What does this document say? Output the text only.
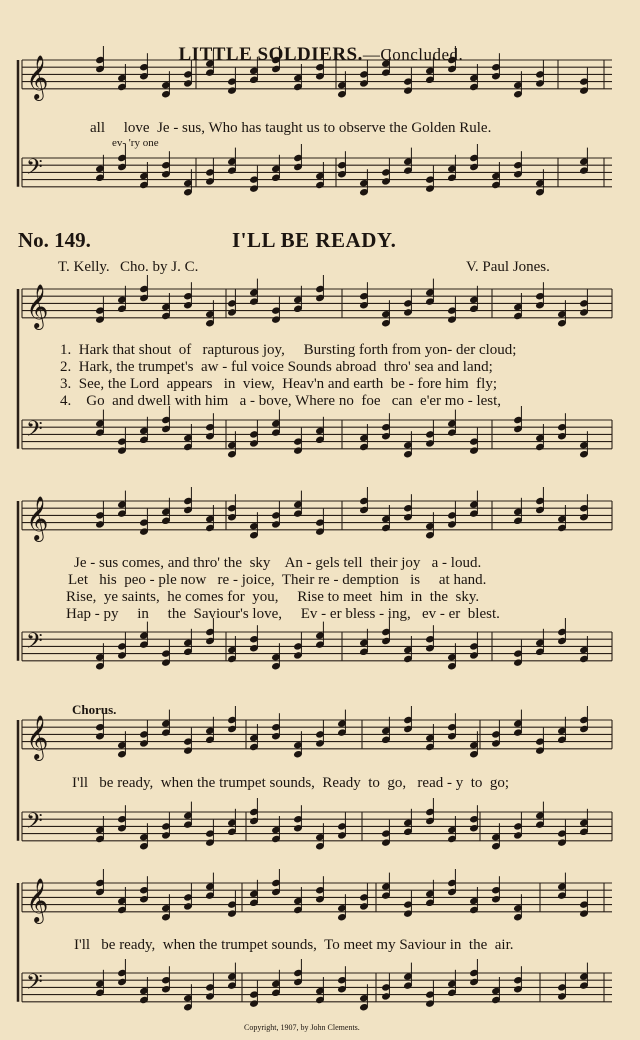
𝄞
𝄢
𝄞
𝄢
𝄞
𝄢
𝄞
𝄢
𝄞
𝄢

LITTLE SOLDIERS.—Concluded.

all     love  Je - sus, Who has taught us to observe the Golden Rule.
ev- 'ry one
No. 149.	I'LL BE READY.
T. Kelly. Cho. by J. C.	V. Paul Jones.
1.  Hark that shout  of   rapturous joy,     Bursting forth from yon- der cloud;
2.  Hark, the trumpet's  aw - ful voice Sounds abroad  thro' sea and land;
3.  See, the Lord  appears   in  view,  Heav'n and earth  be - fore him  fly;
4.    Go  and dwell with him   a - bove, Where no  foe   can  e'er mo - lest,
Je - sus comes, and thro' the  sky    An - gels tell  their joy   a - loud.
Let   his  peo - ple now   re - joice,  Their re - demption   is     at hand.
Rise,  ye saints,  he comes for  you,     Rise to meet  him  in  the  sky.
Hap - py     in     the  Saviour's love,     Ev - er bless - ing,   ev - er  blest.
Chorus.
I'll   be ready,  when the trumpet sounds,  Ready  to  go,   read - y  to  go;
I'll   be ready,  when the trumpet sounds,  To meet my Saviour in  the  air.
Copyright, 1907, by John Clements.
